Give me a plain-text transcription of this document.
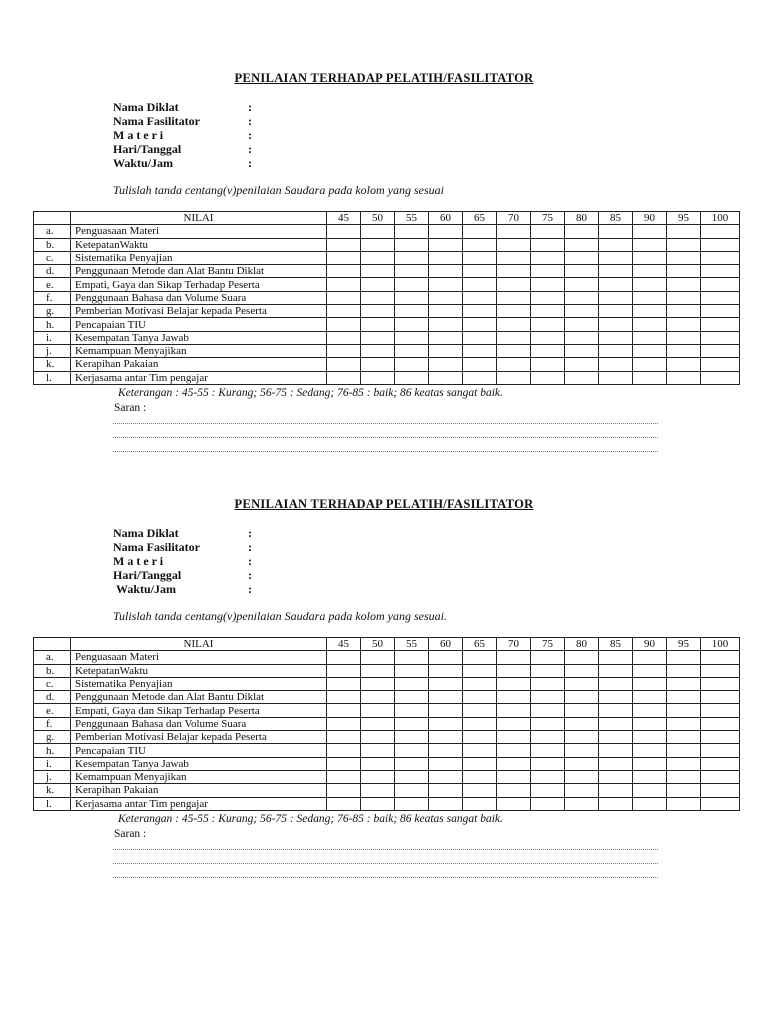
PENILAIAN TERHADAP PELATIH/FASILITATOR
Nama Diklat	:
Nama Fasilitator	:
M a t e r i	:
Hari/Tanggal	:
Waktu/Jam	:
Tulislah tanda centang(v)penilaian Saudara pada kolom yang sesuai
	NILAI	45	50	55	60	65	70	75	80	85	90	95	100
a.	Penguasaan Materi												
b.	KetepatanWaktu												
c.	Sistematika Penyajian												
d.	Penggunaan Metode dan Alat Bantu Diklat												
e.	Empati, Gaya dan Sikap Terhadap Peserta												
f.	Penggunaan Bahasa dan Volume Suara												
g.	Pemberian Motivasi Belajar kepada Peserta												
h.	Pencapaian TIU												
i.	Kesempatan Tanya Jawab												
j.	Kemampuan Menyajikan												
k.	Kerapihan Pakaian												
l.	Kerjasama antar Tim pengajar												
Keterangan : 45-55 : Kurang; 56-75 : Sedang; 76-85 : baik; 86 keatas sangat baik.
Saran :
PENILAIAN TERHADAP PELATIH/FASILITATOR
Nama Diklat	:
Nama Fasilitator	:
M a t e r i	:
Hari/Tanggal	:
Waktu/Jam	:
Tulislah tanda centang(v)penilaian Saudara pada kolom yang sesuai.
	NILAI	45	50	55	60	65	70	75	80	85	90	95	100
a.	Penguasaan Materi												
b.	KetepatanWaktu												
c.	Sistematika Penyajian												
d.	Penggunaan Metode dan Alat Bantu Diklat												
e.	Empati, Gaya dan Sikap Terhadap Peserta												
f.	Penggunaan Bahasa dan Volume Suara												
g.	Pemberian Motivasi Belajar kepada Peserta												
h.	Pencapaian TIU												
i.	Kesempatan Tanya Jawab												
j.	Kemampuan Menyajikan												
k.	Kerapihan Pakaian												
l.	Kerjasama antar Tim pengajar												
Keterangan : 45-55 : Kurang; 56-75 : Sedang; 76-85 : baik; 86 keatas sangat baik.
Saran :
